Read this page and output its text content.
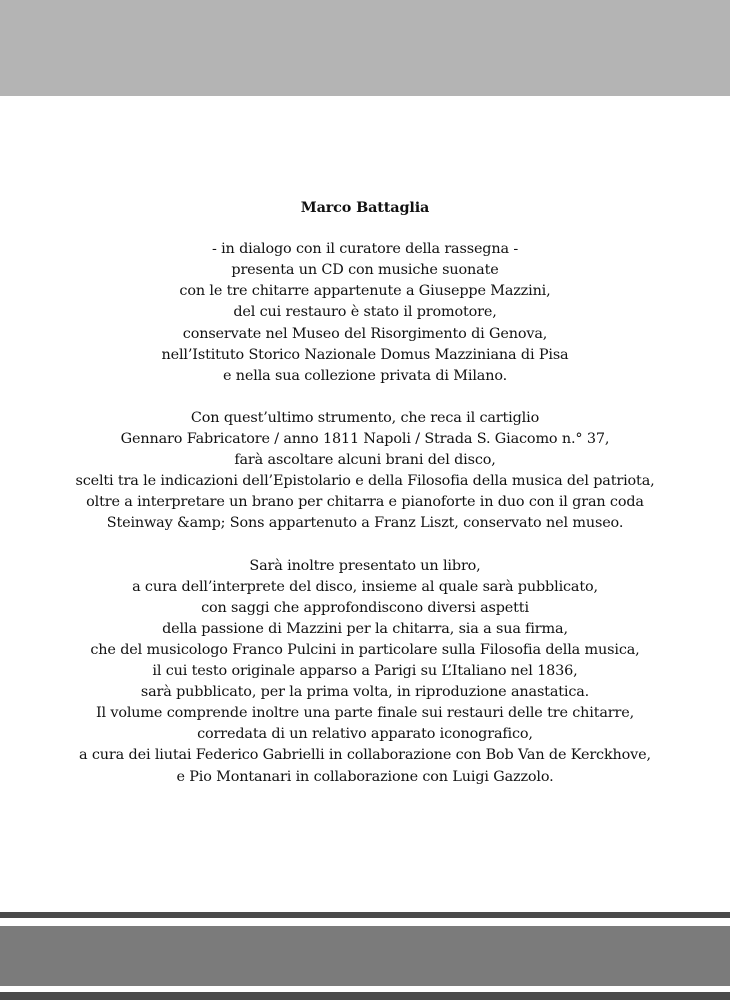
Marco Battaglia
- in dialogo con il curatore della rassegna -
presenta un CD con musiche suonate
con le tre chitarre appartenute a Giuseppe Mazzini,
del cui restauro è stato il promotore,
conservate nel Museo del Risorgimento di Genova,
nell’Istituto Storico Nazionale Domus Mazziniana di Pisa
e nella sua collezione privata di Milano.
Con quest’ultimo strumento, che reca il cartiglio
Gennaro Fabricatore / anno 1811 Napoli / Strada S. Giacomo n.° 37,
farà ascoltare alcuni brani del disco,
scelti tra le indicazioni dell’Epistolario e della Filosofia della musica del patriota,
oltre a interpretare un brano per chitarra e pianoforte in duo con il gran coda
Steinway &amp; Sons appartenuto a Franz Liszt, conservato nel museo.
Sarà inoltre presentato un libro,
a cura dell’interprete del disco, insieme al quale sarà pubblicato,
con saggi che approfondiscono diversi aspetti
della passione di Mazzini per la chitarra, sia a sua firma,
che del musicologo Franco Pulcini in particolare sulla Filosofia della musica,
il cui testo originale apparso a Parigi su L’Italiano nel 1836,
sarà pubblicato, per la prima volta, in riproduzione anastatica.
Il volume comprende inoltre una parte finale sui restauri delle tre chitarre,
corredata di un relativo apparato iconografico,
a cura dei liutai Federico Gabrielli in collaborazione con Bob Van de Kerckhove,
e Pio Montanari in collaborazione con Luigi Gazzolo.
